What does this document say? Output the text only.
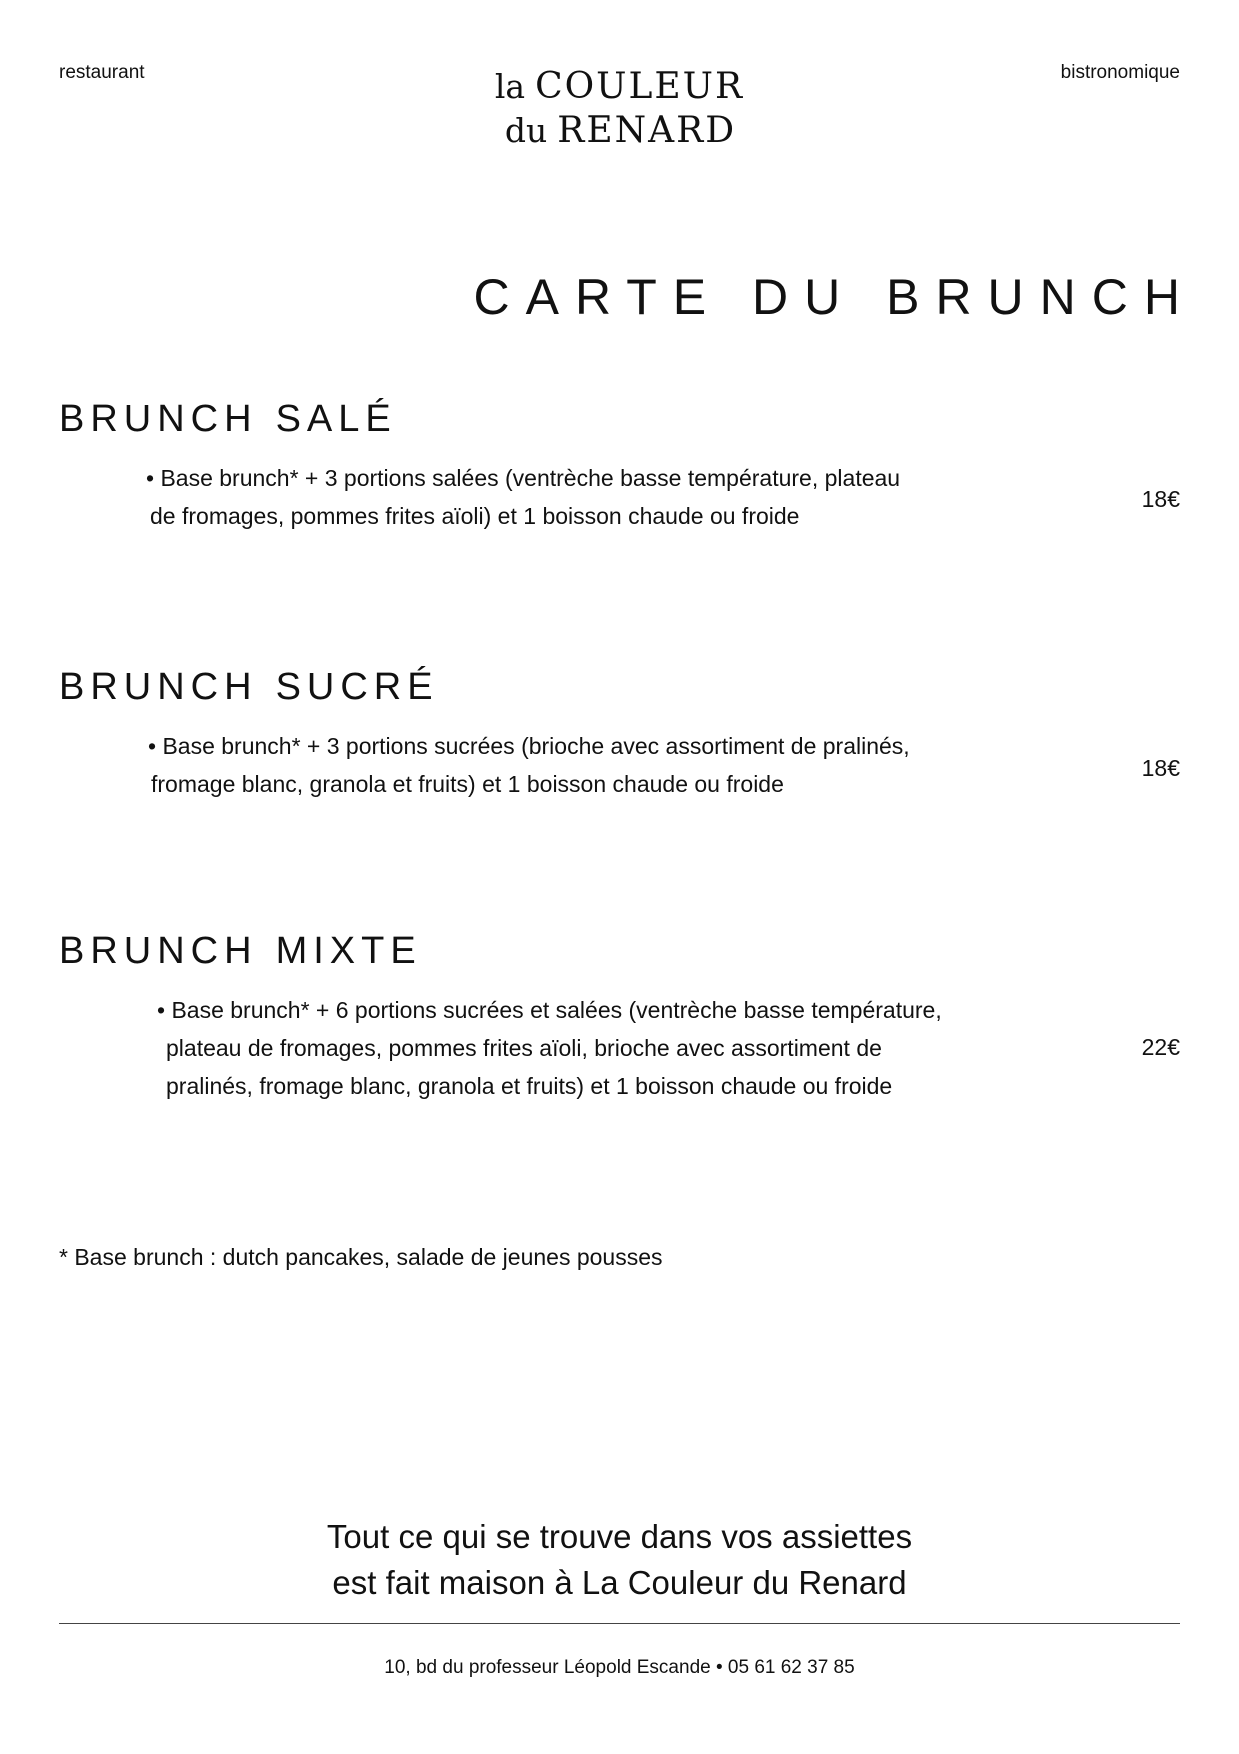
restaurant	bistronomique
la COULEUR
du RENARD
CARTE DU BRUNCH
BRUNCH SALÉ
• Base brunch* + 3 portions salées (ventrèche basse température, plateau
de fromages, pommes frites aïoli) et 1 boisson chaude ou froide
18€
BRUNCH SUCRÉ
• Base brunch* + 3 portions sucrées (brioche avec assortiment de pralinés,
fromage blanc, granola et fruits) et 1 boisson chaude ou froide
18€
BRUNCH MIXTE
• Base brunch* + 6 portions sucrées et salées (ventrèche basse température,
plateau de fromages, pommes frites aïoli, brioche avec assortiment de
pralinés, fromage blanc, granola et fruits) et 1 boisson chaude ou froide
22€
* Base brunch : dutch pancakes, salade de jeunes pousses
Tout ce qui se trouve dans vos assiettes
est fait maison à La Couleur du Renard
10, bd du professeur Léopold Escande • 05 61 62 37 85
